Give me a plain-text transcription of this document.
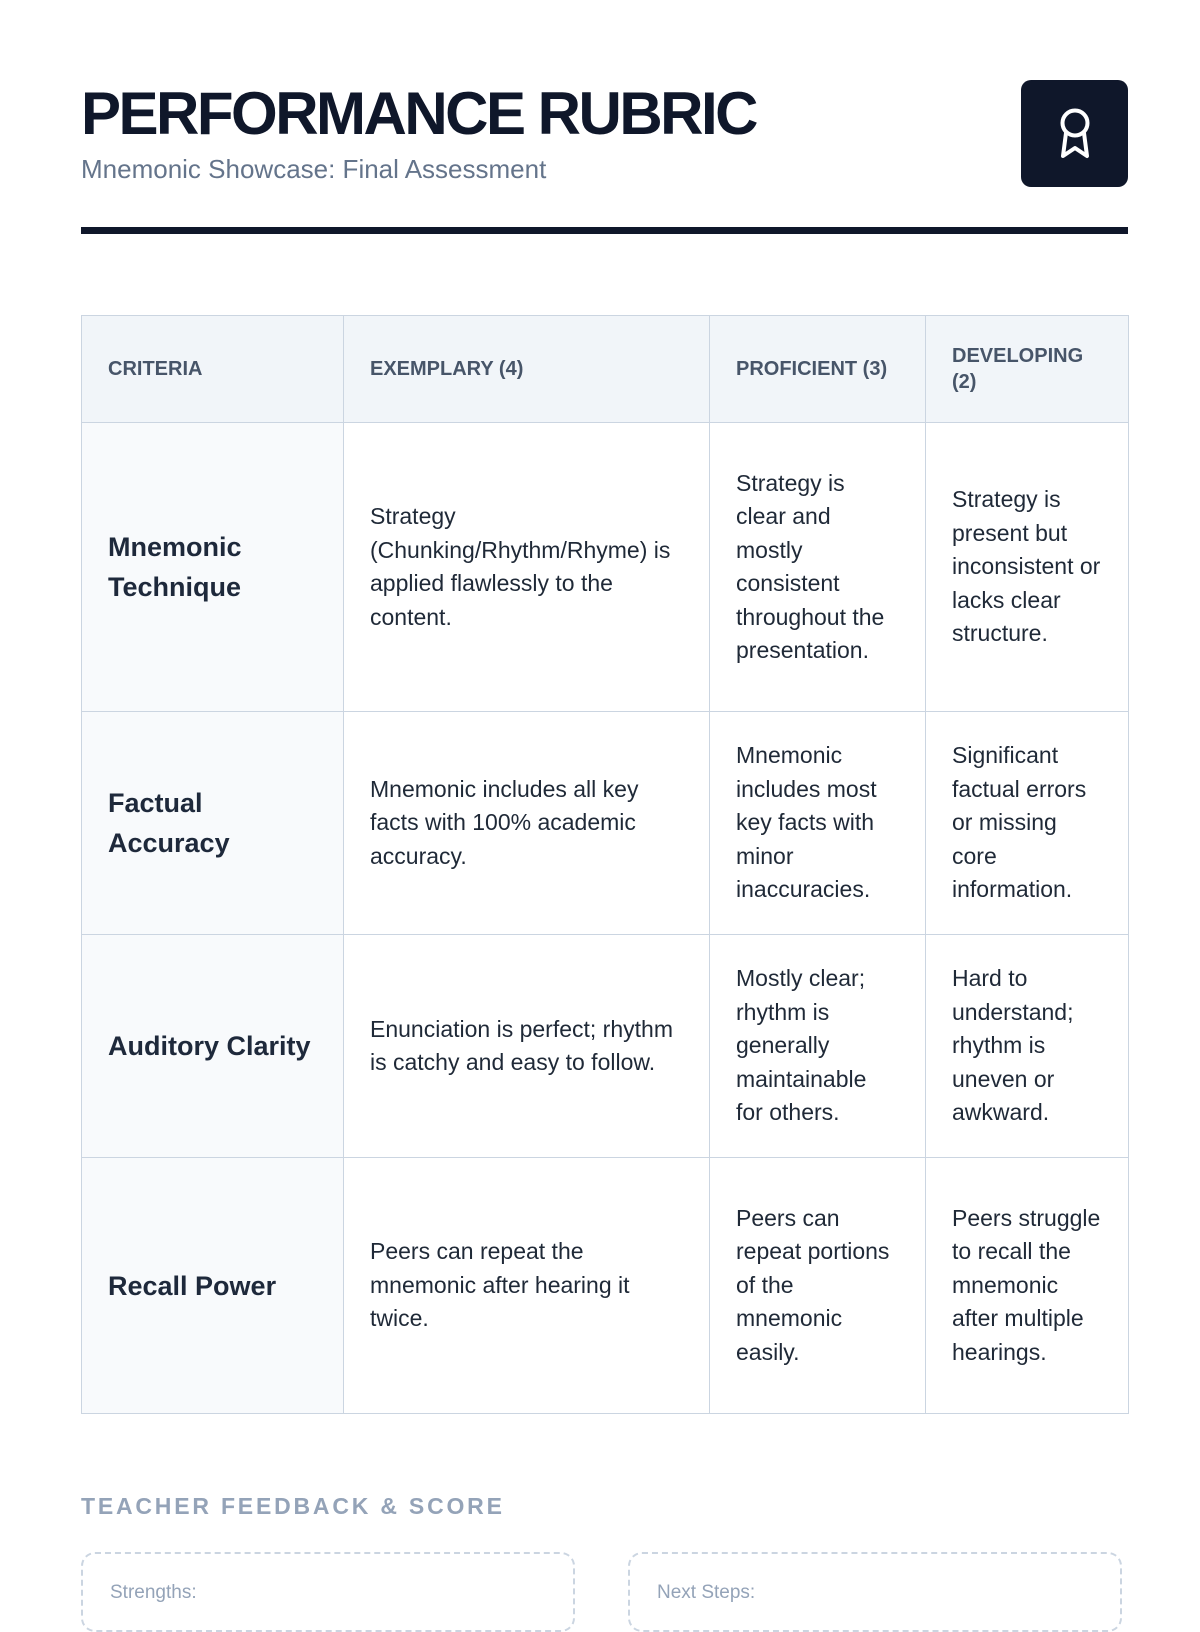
PERFORMANCE RUBRIC
Mnemonic Showcase: Final Assessment
CRITERIA	EXEMPLARY (4)	PROFICIENT (3)	DEVELOPING (2)
Mnemonic Technique	Strategy (Chunking/Rhythm/Rhyme) is applied flawlessly to the content.	Strategy is clear and mostly consistent throughout the presentation.	Strategy is present but inconsistent or lacks clear structure.
Factual Accuracy	Mnemonic includes all key facts with 100% academic accuracy.	Mnemonic includes most key facts with minor inaccuracies.	Significant factual errors or missing core information.
Auditory Clarity	Enunciation is perfect; rhythm is catchy and easy to follow.	Mostly clear; rhythm is generally maintainable for others.	Hard to understand; rhythm is uneven or awkward.
Recall Power	Peers can repeat the mnemonic after hearing it twice.	Peers can repeat portions of the mnemonic easily.	Peers struggle to recall the mnemonic after multiple hearings.
TEACHER FEEDBACK & SCORE
Strengths:	Next Steps:
